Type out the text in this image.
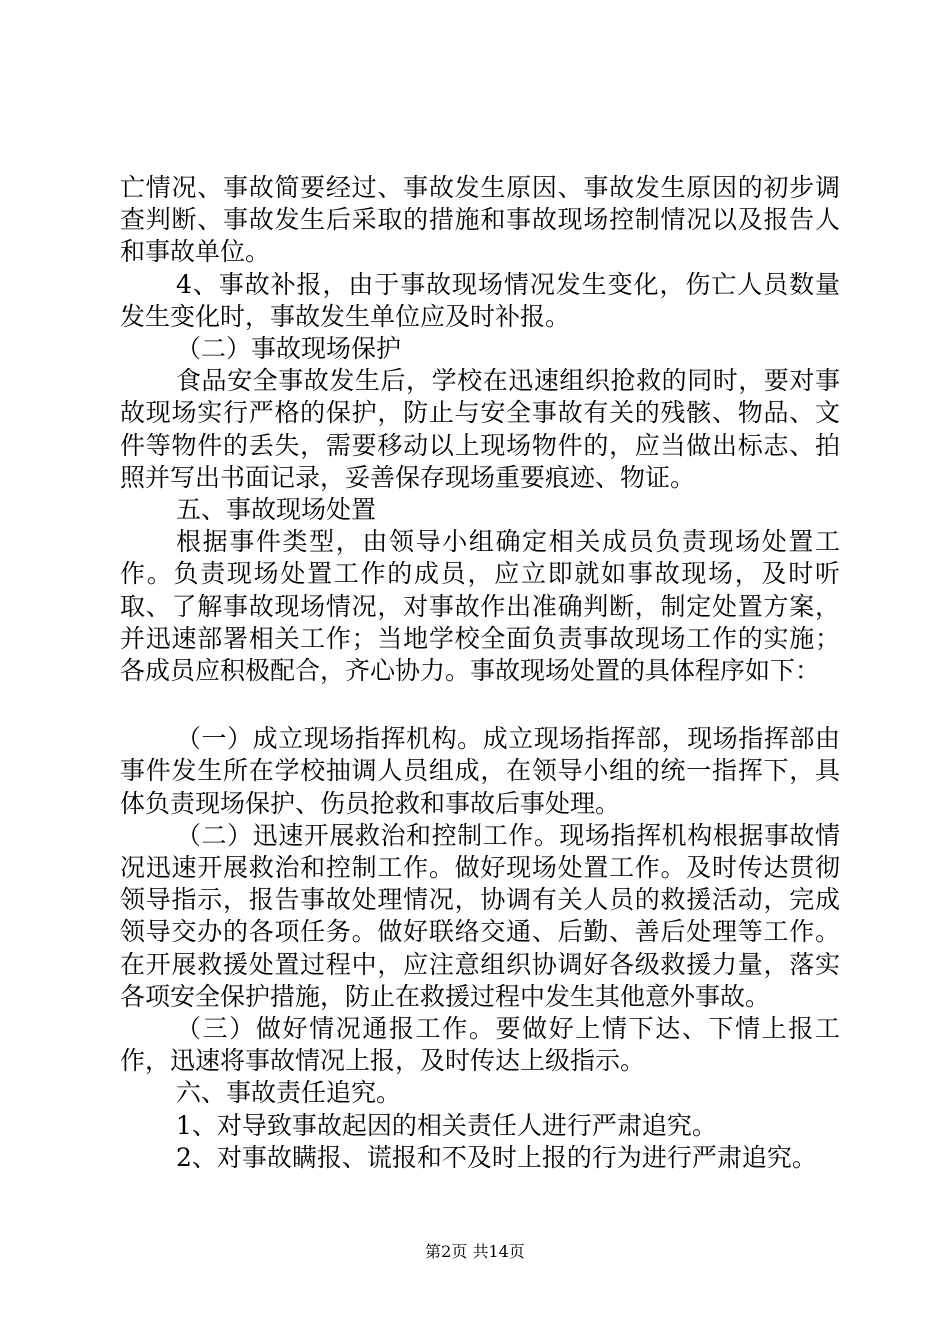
亡情况、事故简要经过、事故发生原因、事故发生原因的初步调查判断、事故发生后采取的措施和事故现场控制情况以及报告人和事故单位。

4、事故补报，由于事故现场情况发生变化，伤亡人员数量发生变化时，事故发生单位应及时补报。

（二）事故现场保护

食品安全事故发生后，学校在迅速组织抢救的同时，要对事故现场实行严格的保护，防止与安全事故有关的残骸、物品、文件等物件的丢失，需要移动以上现场物件的，应当做出标志、拍照并写出书面记录，妥善保存现场重要痕迹、物证。

五、事故现场处置

根据事件类型，由领导小组确定相关成员负责现场处置工作。负责现场处置工作的成员，应立即就如事故现场，及时听取、了解事故现场情况，对事故作出准确判断，制定处置方案，并迅速部署相关工作；当地学校全面负责事故现场工作的实施；各成员应积极配合，齐心协力。事故现场处置的具体程序如下：

（一）成立现场指挥机构。成立现场指挥部，现场指挥部由事件发生所在学校抽调人员组成，在领导小组的统一指挥下，具体负责现场保护、伤员抢救和事故后事处理。

（二）迅速开展救治和控制工作。现场指挥机构根据事故情况迅速开展救治和控制工作。做好现场处置工作。及时传达贯彻领导指示，报告事故处理情况，协调有关人员的救援活动，完成领导交办的各项任务。做好联络交通、后勤、善后处理等工作。在开展救援处置过程中，应注意组织协调好各级救援力量，落实各项安全保护措施，防止在救援过程中发生其他意外事故。

（三）做好情况通报工作。要做好上情下达、下情上报工作，迅速将事故情况上报，及时传达上级指示。

六、事故责任追究。

1、对导致事故起因的相关责任人进行严肃追究。

2、对事故瞒报、谎报和不及时上报的行为进行严肃追究。

第2页 共14页
